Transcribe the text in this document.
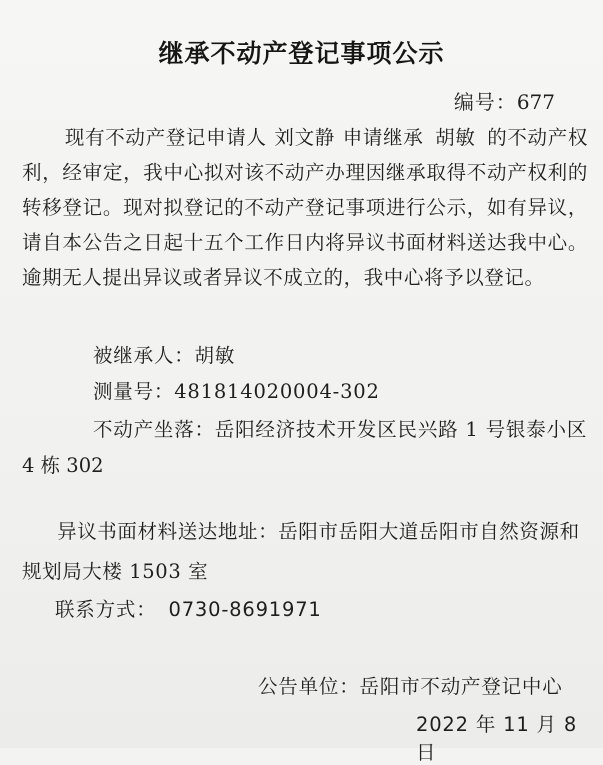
继承不动产登记事项公示
编号：677
现有不动产登记申请人 刘文静 申请继承 胡敏 的不动产权利，经审定，我中心拟对该不动产办理因继承取得不动产权利的转移登记。现对拟登记的不动产登记事项进行公示，如有异议，请自本公告之日起十五个工作日内将异议书面材料送达我中心。逾期无人提出异议或者异议不成立的，我中心将予以登记。
被继承人：胡敏
测量号：481814020004-302
不动产坐落：岳阳经济技术开发区民兴路 1 号银泰小区
4 栋 302
异议书面材料送达地址：岳阳市岳阳大道岳阳市自然资源和规划局大楼 1503 室
联系方式： 0730-8691971
公告单位：岳阳市不动产登记中心
2022 年 11 月 8 日
